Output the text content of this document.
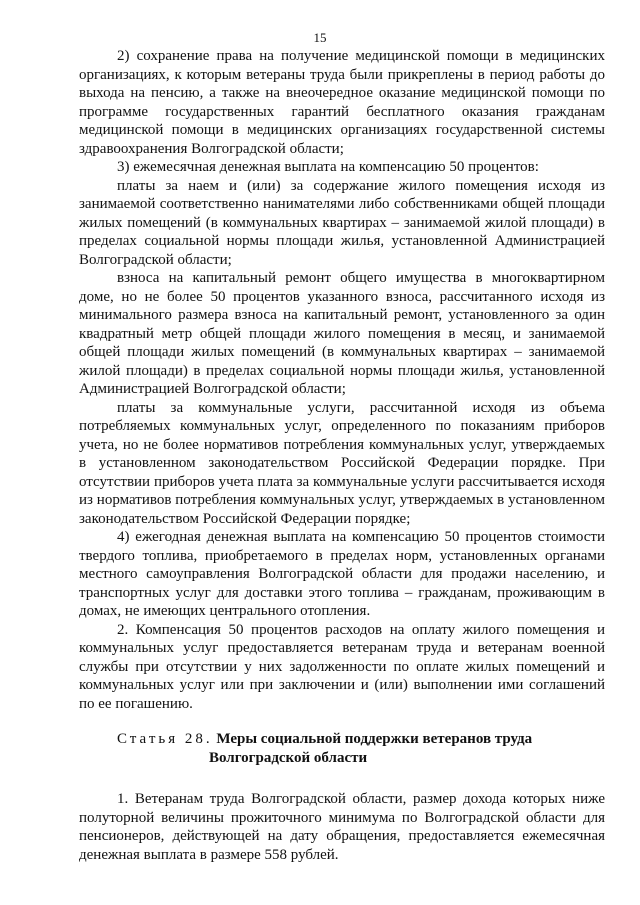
15

2) сохранение права на получение медицинской помощи в медицинских организациях, к которым ветераны труда были прикреплены в период работы до выхода на пенсию, а также на внеочередное оказание медицинской помощи по программе государственных гарантий бесплатного оказания гражданам медицинской помощи в медицинских организациях государственной системы здравоохранения Волгоградской области;

3) ежемесячная денежная выплата на компенсацию 50 процентов:

платы за наем и (или) за содержание жилого помещения исходя из занимаемой соответственно нанимателями либо собственниками общей площади жилых помещений (в коммунальных квартирах – занимаемой жилой площади) в пределах социальной нормы площади жилья, установленной Администрацией Волгоградской области;

взноса на капитальный ремонт общего имущества в многоквартирном доме, но не более 50 процентов указанного взноса, рассчитанного исходя из минимального размера взноса на капитальный ремонт, установленного за один квадратный метр общей площади жилого помещения в месяц, и занимаемой общей площади жилых помещений (в коммунальных квартирах – занимаемой жилой площади) в пределах социальной нормы площади жилья, установленной Администрацией Волгоградской области;

платы за коммунальные услуги, рассчитанной исходя из объема потребляемых коммунальных услуг, определенного по показаниям приборов учета, но не более нормативов потребления коммунальных услуг, утверждаемых в установленном законодательством Российской Федерации порядке. При отсутствии приборов учета плата за коммунальные услуги рассчитывается исходя из нормативов потребления коммунальных услуг, утверждаемых в установленном законодательством Российской Федерации порядке;

4) ежегодная денежная выплата на компенсацию 50 процентов стоимости твердого топлива, приобретаемого в пределах норм, установленных органами местного самоуправления Волгоградской области для продажи населению, и транспортных услуг для доставки этого топлива – гражданам, проживающим в домах, не имеющих центрального отопления.

2. Компенсация 50 процентов расходов на оплату жилого помещения и коммунальных услуг предоставляется ветеранам труда и ветеранам военной службы при отсутствии у них задолженности по оплате жилых помещений и коммунальных услуг или при заключении и (или) выполнении ими соглашений по ее погашению.

Статья 28. Меры социальной поддержки ветеранов труда
Волгоградской области

1. Ветеранам труда Волгоградской области, размер дохода которых ниже полуторной величины прожиточного минимума по Волгоградской области для пенсионеров, действующей на дату обращения, предоставляется ежемесячная денежная выплата в размере 558 рублей.
